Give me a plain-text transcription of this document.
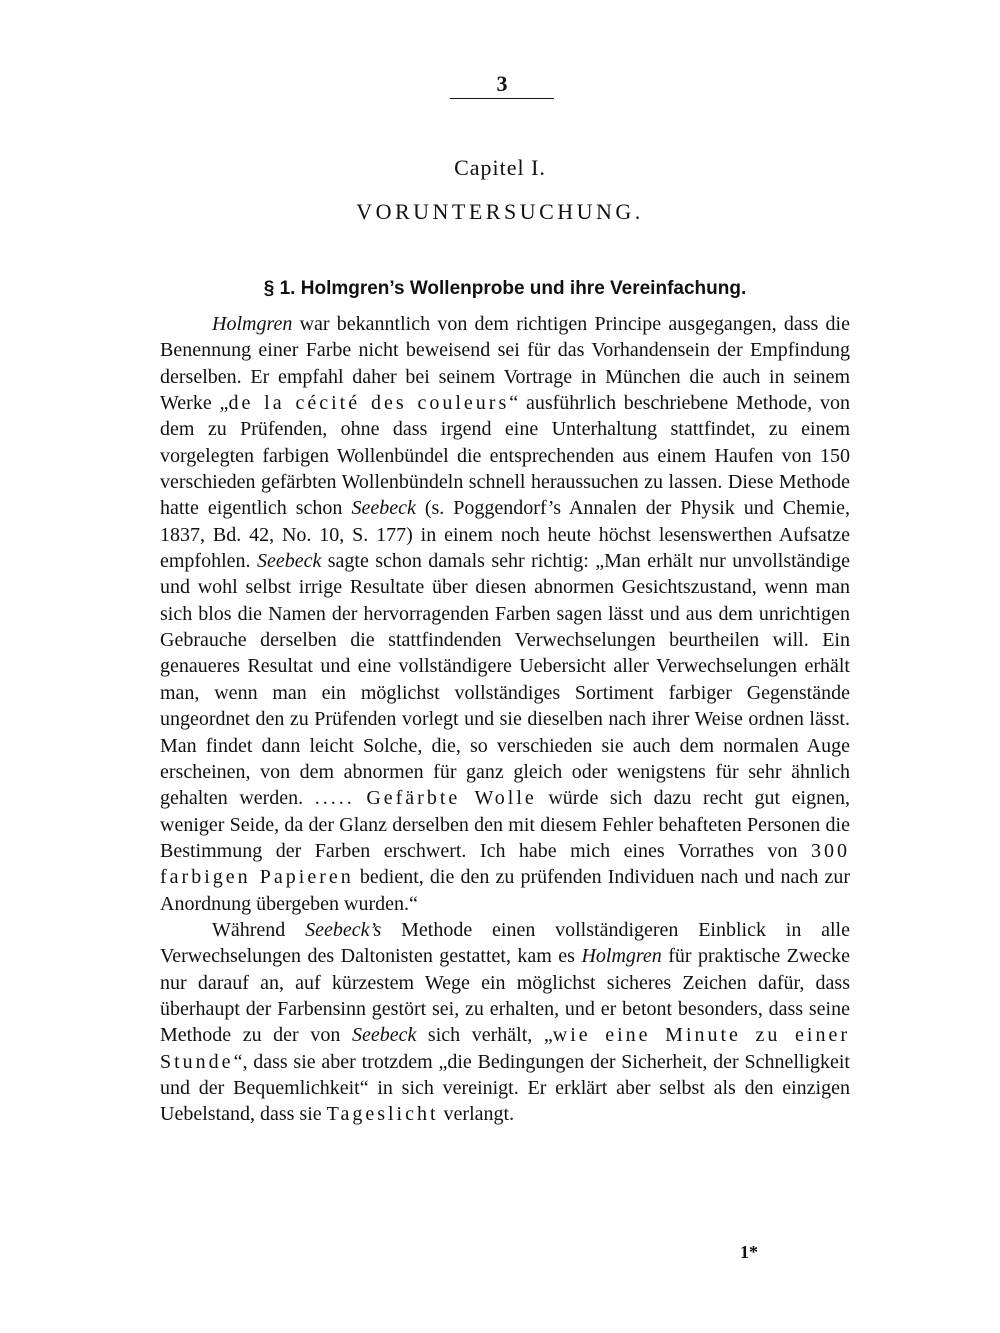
3
Capitel I.
VORUNTERSUCHUNG.
§ 1. Holmgren’s Wollenprobe und ihre Vereinfachung.

Holmgren war bekanntlich von dem richtigen Principe ausgegangen, dass die Benennung einer Farbe nicht beweisend sei für das Vorhandensein der Empfindung derselben. Er empfahl daher bei seinem Vortrage in München die auch in seinem Werke „de la cécité des couleurs“ ausführlich beschriebene Methode, von dem zu Prüfenden, ohne dass irgend eine Unterhaltung stattfindet, zu einem vorgelegten farbigen Wollenbündel die entsprechenden aus einem Haufen von 150 verschieden gefärbten Wollenbündeln schnell heraussuchen zu lassen. Diese Methode hatte eigentlich schon Seebeck (s. Poggendorf’s Annalen der Physik und Chemie, 1837, Bd. 42, No. 10, S. 177) in einem noch heute höchst lesenswerthen Aufsatze empfohlen. Seebeck sagte schon damals sehr richtig: „Man erhält nur unvollständige und wohl selbst irrige Resultate über diesen abnormen Gesichtszustand, wenn man sich blos die Namen der hervorragenden Farben sagen lässt und aus dem unrichtigen Gebrauche derselben die stattfindenden Verwechselungen beurtheilen will. Ein genaueres Resultat und eine vollständigere Uebersicht aller Verwechselungen erhält man, wenn man ein möglichst vollständiges Sortiment farbiger Gegenstände ungeordnet den zu Prüfenden vorlegt und sie dieselben nach ihrer Weise ordnen lässt. Man findet dann leicht Solche, die, so verschieden sie auch dem normalen Auge erscheinen, von dem abnormen für ganz gleich oder wenigstens für sehr ähnlich gehalten werden. ..... Gefärbte Wolle würde sich dazu recht gut eignen, weniger Seide, da der Glanz derselben den mit diesem Fehler behafteten Personen die Bestimmung der Farben erschwert. Ich habe mich eines Vorrathes von 300 farbigen Papieren bedient, die den zu prüfenden Individuen nach und nach zur Anordnung übergeben wurden.“

Während Seebeck’s Methode einen vollständigeren Einblick in alle Verwechselungen des Daltonisten gestattet, kam es Holmgren für praktische Zwecke nur darauf an, auf kürzestem Wege ein möglichst sicheres Zeichen dafür, dass überhaupt der Farbensinn gestört sei, zu erhalten, und er betont besonders, dass seine Methode zu der von Seebeck sich verhält, „wie eine Minute zu einer Stunde“, dass sie aber trotzdem „die Bedingungen der Sicherheit, der Schnelligkeit und der Bequemlichkeit“ in sich vereinigt. Er erklärt aber selbst als den einzigen Uebelstand, dass sie Tageslicht verlangt.

1*
